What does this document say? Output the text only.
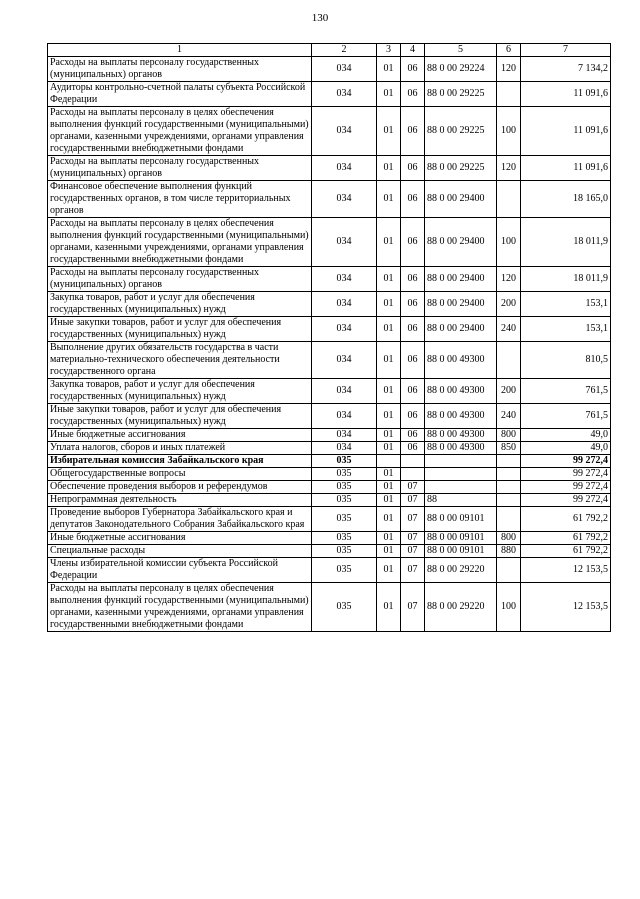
130
1	2	3	4	5	6	7
Расходы на выплаты персоналу государственных (муниципальных) органов	034	01	06	88 0 00 29224	120	7 134,2
Аудиторы контрольно-счетной палаты субъекта Российской Федерации	034	01	06	88 0 00 29225		11 091,6
Расходы на выплаты персоналу в целях обеспечения выполнения функций государственными (муниципальными) органами, казенными учреждениями, органами управления государственными внебюджетными фондами	034	01	06	88 0 00 29225	100	11 091,6
Расходы на выплаты персоналу государственных (муниципальных) органов	034	01	06	88 0 00 29225	120	11 091,6
Финансовое обеспечение выполнения функций государственных органов, в том числе территориальных органов	034	01	06	88 0 00 29400		18 165,0
Расходы на выплаты персоналу в целях обеспечения выполнения функций государственными (муниципальными) органами, казенными учреждениями, органами управления государственными внебюджетными фондами	034	01	06	88 0 00 29400	100	18 011,9
Расходы на выплаты персоналу государственных (муниципальных) органов	034	01	06	88 0 00 29400	120	18 011,9
Закупка товаров, работ и услуг для обеспечения государственных (муниципальных) нужд	034	01	06	88 0 00 29400	200	153,1
Иные закупки товаров, работ и услуг для обеспечения государственных (муниципальных) нужд	034	01	06	88 0 00 29400	240	153,1
Выполнение других обязательств государства в части материально-технического обеспечения деятельности государственного органа	034	01	06	88 0 00 49300		810,5
Закупка товаров, работ и услуг для обеспечения государственных (муниципальных) нужд	034	01	06	88 0 00 49300	200	761,5
Иные закупки товаров, работ и услуг для обеспечения государственных (муниципальных) нужд	034	01	06	88 0 00 49300	240	761,5
Иные бюджетные ассигнования	034	01	06	88 0 00 49300	800	49,0
Уплата налогов, сборов и иных платежей	034	01	06	88 0 00 49300	850	49,0
Избирательная комиссия Забайкальского края	035					99 272,4
Общегосударственные вопросы	035	01				99 272,4
Обеспечение проведения выборов и референдумов	035	01	07			99 272,4
Непрограммная деятельность	035	01	07	88		99 272,4
Проведение выборов Губернатора Забайкальского края и депутатов Законодательного Собрания Забайкальского края	035	01	07	88 0 00 09101		61 792,2
Иные бюджетные ассигнования	035	01	07	88 0 00 09101	800	61 792,2
Специальные расходы	035	01	07	88 0 00 09101	880	61 792,2
Члены избирательной комиссии субъекта Российской Федерации	035	01	07	88 0 00 29220		12 153,5
Расходы на выплаты персоналу в целях обеспечения выполнения функций государственными (муниципальными) органами, казенными учреждениями, органами управления государственными внебюджетными фондами	035	01	07	88 0 00 29220	100	12 153,5
